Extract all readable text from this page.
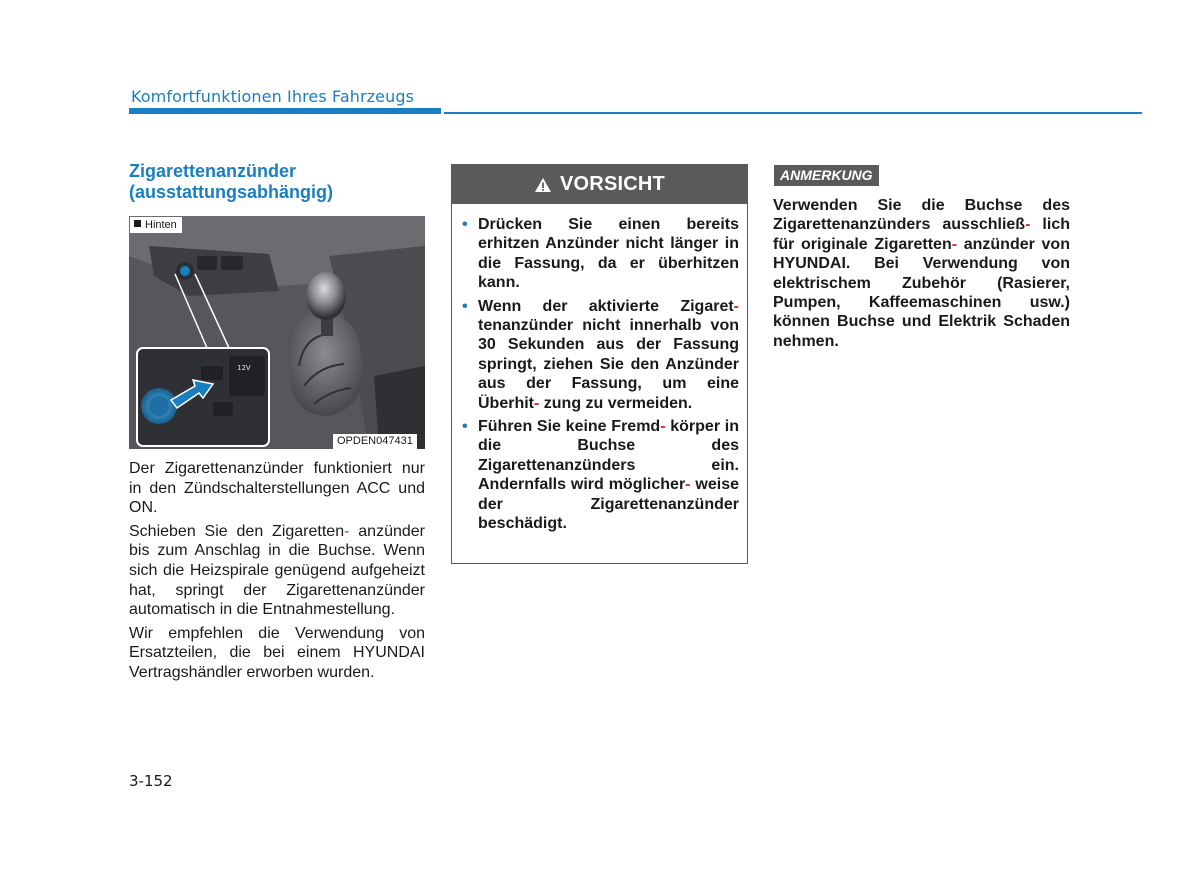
Komfortfunktionen Ihres Fahrzeugs
Zigarettenanzünder
(ausstattungsabhängig)
12V
Hinten
OPDEN047431

Der Zigarettenanzünder funktioniert nur in den Zündschalterstellungen ACC und ON.

Schieben Sie den Zigaretten- anzünder bis zum Anschlag in die Buchse. Wenn sich die Heizspirale genügend aufgeheizt hat, springt der Zigarettenanzünder automatisch in die Entnahmestellung.

Wir empfehlen die Verwendung von Ersatzteilen, die bei einem HYUNDAI Vertragshändler erworben wurden.

VORSICHT
• Drücken Sie einen bereits erhitzen Anzünder nicht länger in die Fassung, da er überhitzen kann.
• Wenn der aktivierte Zigaret- tenanzünder nicht innerhalb von 30 Sekunden aus der Fassung springt, ziehen Sie den Anzünder aus der Fassung, um eine Überhit- zung zu vermeiden.
• Führen Sie keine Fremd- körper in die Buchse des Zigarettenanzünders ein. Andernfalls wird möglicher- weise der Zigarettenanzünder beschädigt.
ANMERKUNG

Verwenden Sie die Buchse des Zigarettenanzünders ausschließ- lich für originale Zigaretten- anzünder von HYUNDAI. Bei Verwendung von elektrischem Zubehör (Rasierer, Pumpen, Kaffeemaschinen usw.) können Buchse und Elektrik Schaden nehmen.

3-152
